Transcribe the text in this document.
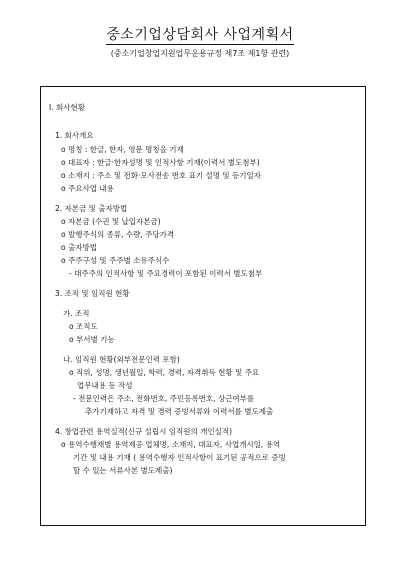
중소기업상담회사 사업계획서
(중소기업창업지원업무운용규정 제7조 제1항 관련)
Ⅰ. 회사현황
1. 회사개요
o 명칭 : 한글, 한자, 영문 명칭을 기재
o 대표자 : 한글·한자성명 및 인적사항 기재(이력서 별도첨부)
o 소재지 : 주소 및 전화·모사전송 번호 표기 설명 및 등기일자
o 주요사업 내용
2. 자본금 및 출자방법
o 자본금 (수권 및 납입자본금)
o 발행주식의 종류, 수량, 주당가격
o 출자방법
o 주주구성 및 주주별 소유주식수
- 대주주의 인적사항 및 주요경력이 포함된 이력서 별도첨부
3. 조직 및 임직원 현황
가. 조직
o 조직도
o 부서별 기능
나. 임직원 현황(외부전문인력 포함)
o 직위, 성명, 생년월일, 학력, 경력, 자격취득 현황 및 주요
업무내용 등 작성
- 전문인력은 주소, 전화번호, 주민등록번호, 상근여부를
추가기재하고 자격 및 경력 증빙서류와 이력서를 별도제출
4. 창업관련 용역실적(신규 설립시 임직원의 개인실적)
o 용역수행재별 용역제공 업체명, 소재지, 대표자, 사업개시일, 용역
기간 및 내용 기재 ( 용역수행자 인적사항이 표기된 공적으로 증빙
할 수 있는 서류사본 별도제출)
